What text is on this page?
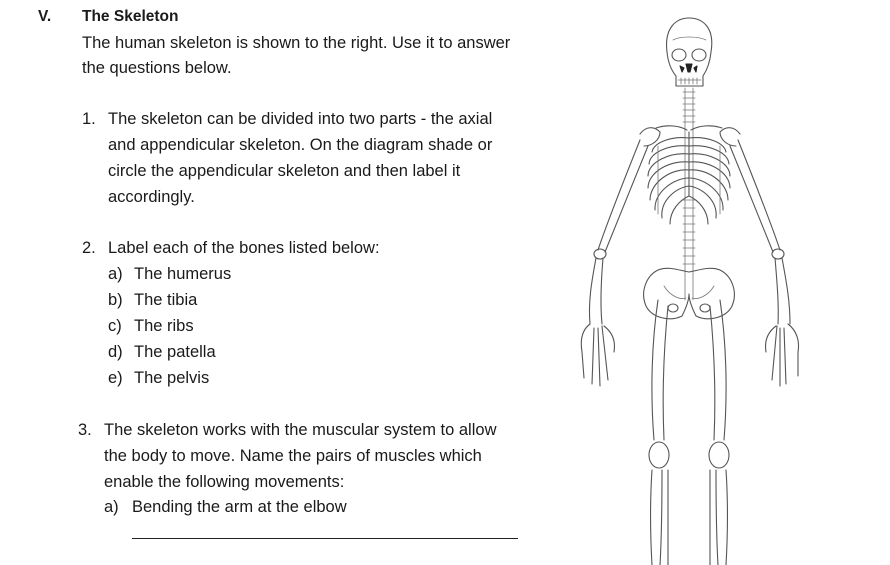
V. The Skeleton
The human skeleton is shown to the right. Use it to answer
the questions below.
1. The skeleton can be divided into two parts - the axial
and appendicular skeleton. On the diagram shade or
circle the appendicular skeleton and then label it
accordingly.
2. Label each of the bones listed below:
a) The humerus
b) The tibia
c) The ribs
d) The patella
e) The pelvis
3. The skeleton works with the muscular system to allow
the body to move. Name the pairs of muscles which
enable the following movements:
a) Bending the arm at the elbow
